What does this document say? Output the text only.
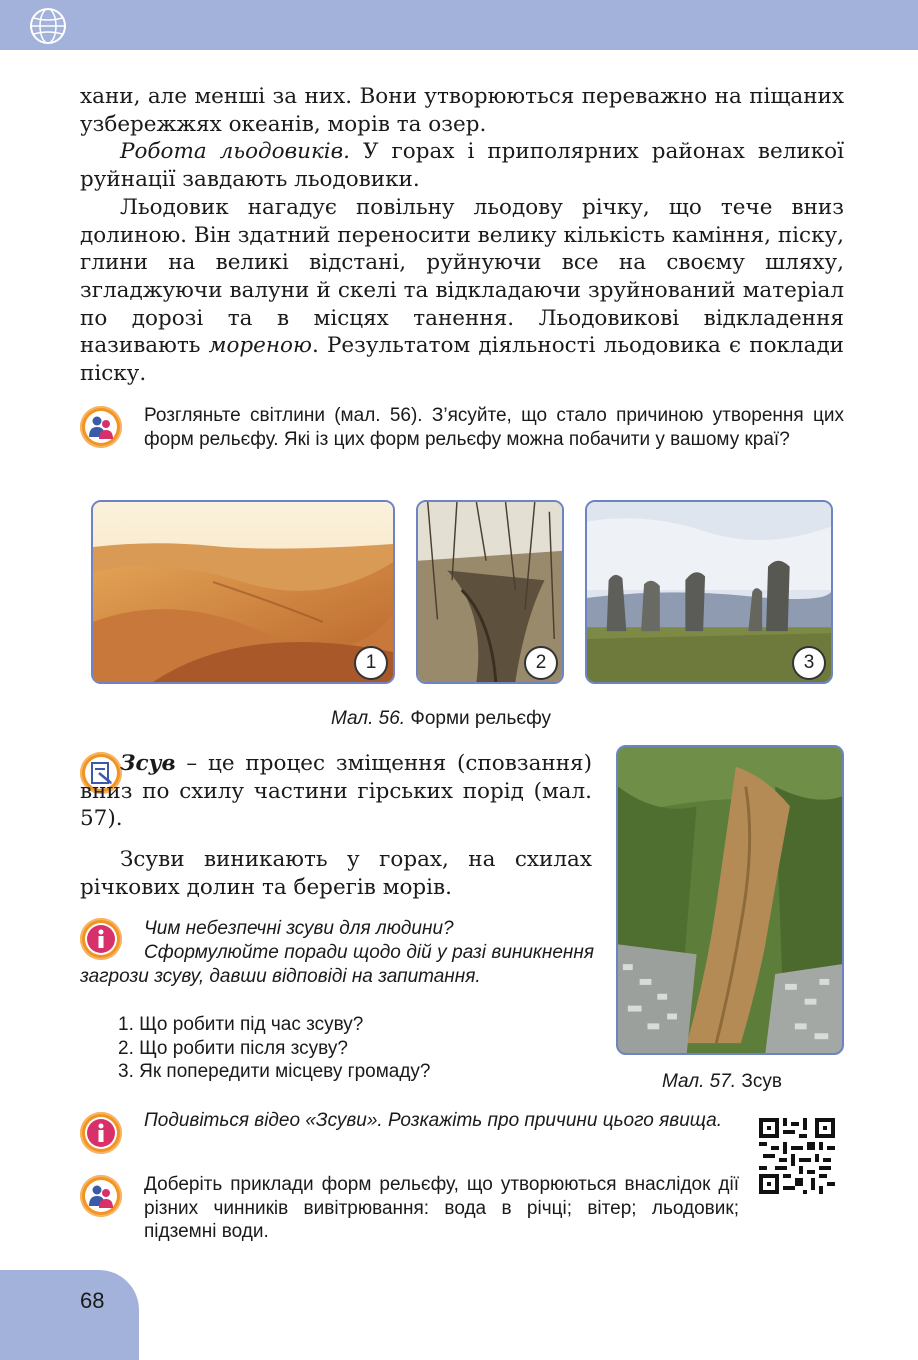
хани, але менші за них. Вони утворюються переважно на піщаних узбережжях океанів, морів та озер.

Робота льодовиків. У горах і приполярних районах великої руйнації завдають льодовики.

Льодовик нагадує повільну льодову річку, що тече вниз долиною. Він здатний переносити велику кількість каміння, піску, глини на великі відстані, руйнуючи все на своєму шляху, згладжуючи валуни й скелі та відкладаючи зруйнований матеріал по дорозі та в місцях танення. Льодовикові відкладення називають мореною. Результатом діяльності льодовика є поклади піску.

Розгляньте світлини (мал. 56). З’ясуйте, що стало причиною утворення цих форм рельєфу. Які із цих форм рельєфу можна побачити у вашому краї?
1	2	3
Мал. 56. Форми рельєфу
Зсув – це процес зміщення (сповзання) вниз по схилу частини гірських порід (мал. 57).
Зсуви виникають у горах, на схилах річкових долин та берегів морів.
Чим небезпечні зсуви для людини?
Сформулюйте поради щодо дій у разі виникнення загрози зсуву, давши відповіді на запитання.
1. Що робити під час зсуву?
2. Що робити після зсуву?
3. Як попередити місцеву громаду?	Мал. 57. Зсув
Подивіться відео «Зсуви». Розкажіть про причини цього явища.
Доберіть приклади форм рельєфу, що утворюються внаслідок дії різних чинників вивітрювання: вода в річці; вітер; льодовик; підземні води.
68
